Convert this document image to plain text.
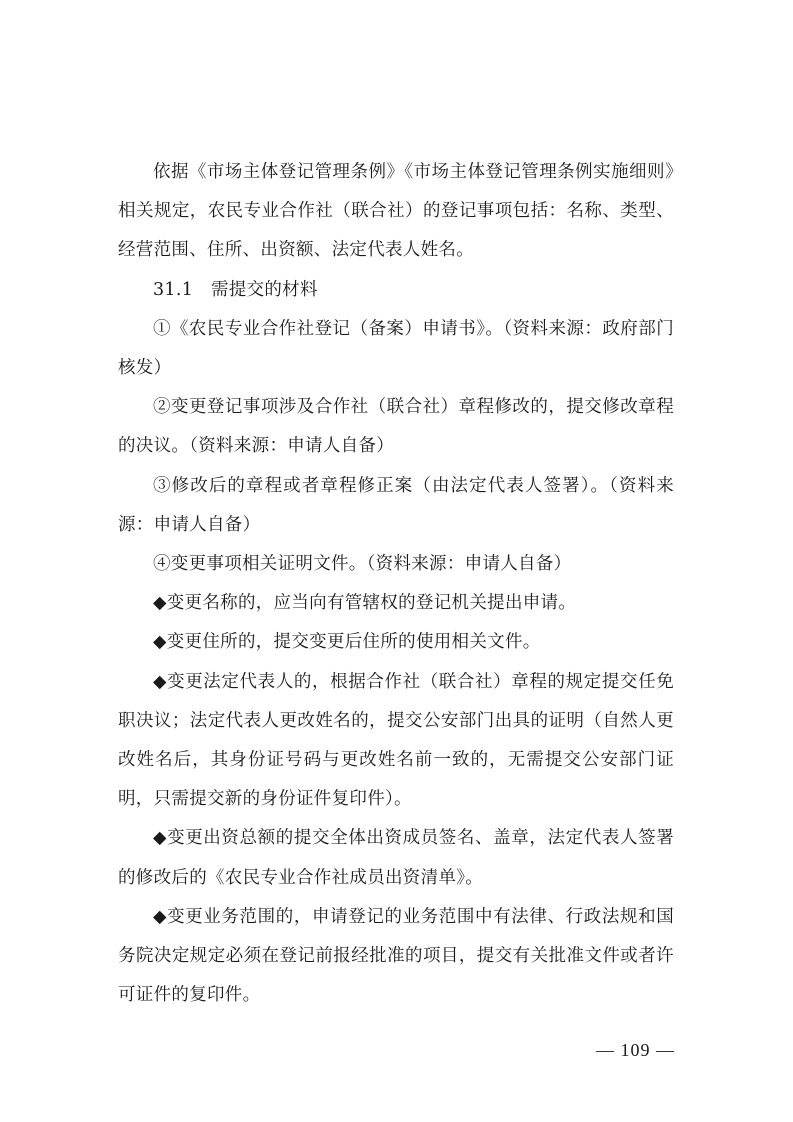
依据《市场主体登记管理条例》《市场主体登记管理条例实施细则》相关规定，农民专业合作社（联合社）的登记事项包括：名称、类型、经营范围、住所、出资额、法定代表人姓名。

31.1　需提交的材料

①《农民专业合作社登记（备案）申请书》。（资料来源：政府部门核发）

②变更登记事项涉及合作社（联合社）章程修改的，提交修改章程的决议。（资料来源：申请人自备）

③修改后的章程或者章程修正案（由法定代表人签署）。（资料来源：申请人自备）

④变更事项相关证明文件。（资料来源：申请人自备）

◆变更名称的，应当向有管辖权的登记机关提出申请。

◆变更住所的，提交变更后住所的使用相关文件。

◆变更法定代表人的，根据合作社（联合社）章程的规定提交任免职决议；法定代表人更改姓名的，提交公安部门出具的证明（自然人更改姓名后，其身份证号码与更改姓名前一致的，无需提交公安部门证明，只需提交新的身份证件复印件）。

◆变更出资总额的提交全体出资成员签名、盖章，法定代表人签署的修改后的《农民专业合作社成员出资清单》。

◆变更业务范围的，申请登记的业务范围中有法律、行政法规和国务院决定规定必须在登记前报经批准的项目，提交有关批准文件或者许可证件的复印件。

— 109 —
